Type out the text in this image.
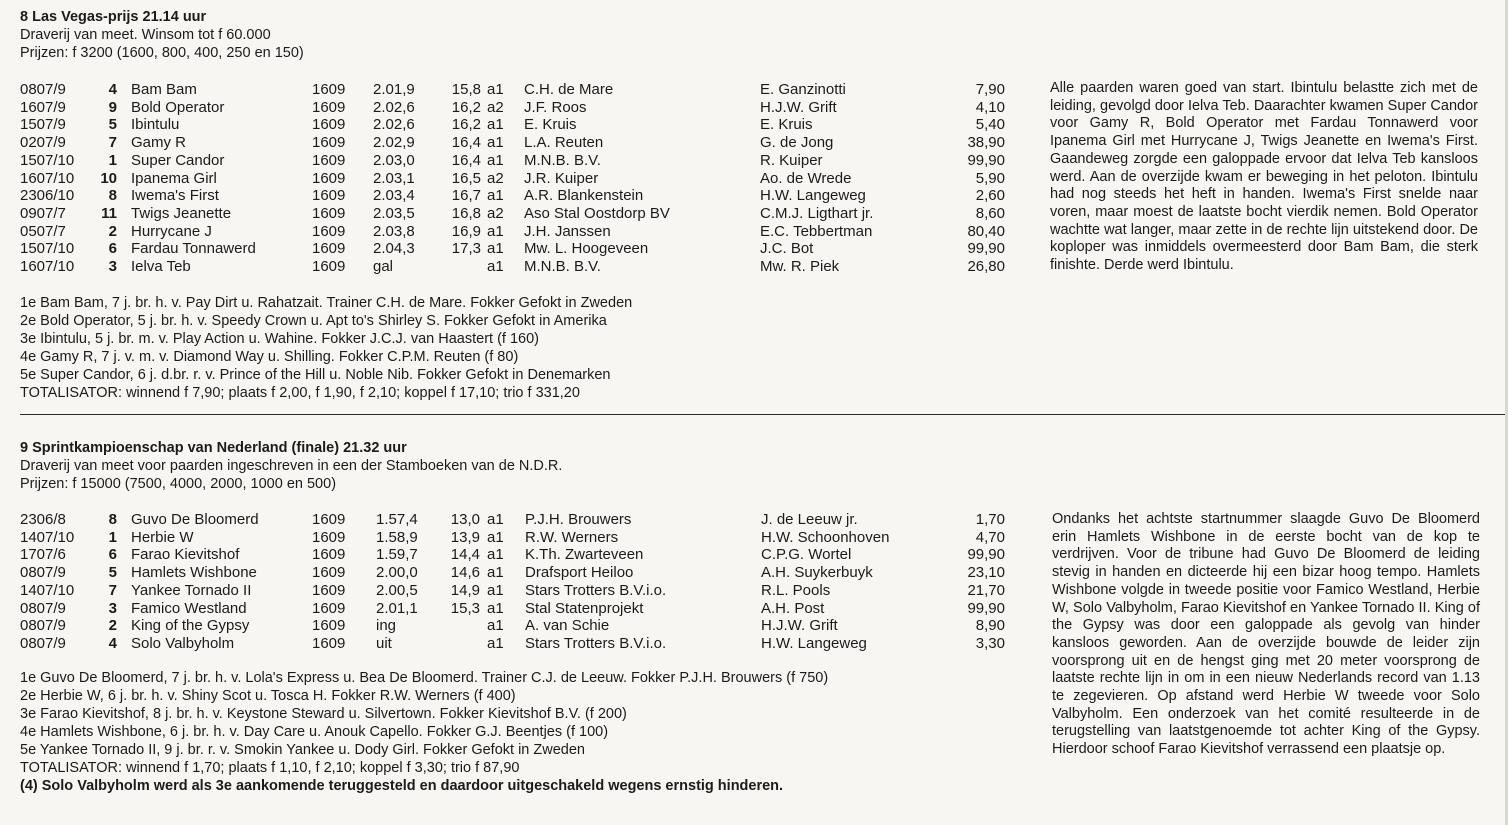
8 Las Vegas-prijs 21.14 uur
Draverij van meet. Winsom tot f 60.000
Prijzen: f 3200 (1600, 800, 400, 250 en 150)
0807/9	4 Bam Bam	1609 2.01,9	15,8 a1 C.H. de Mare	E. Ganzinotti	7,90
1607/9	9 Bold Operator	1609 2.02,6	16,2 a2 J.F. Roos	H.J.W. Grift	4,10
1507/9	5 Ibintulu	1609 2.02,6	16,2 a1 E. Kruis	E. Kruis	5,40
0207/9	7 Gamy R	1609 2.02,9	16,4 a1 L.A. Reuten	G. de Jong	38,90
1507/10	1 Super Candor	1609 2.03,0	16,4 a1 M.N.B. B.V.	R. Kuiper	99,90
1607/10	10 Ipanema Girl	1609 2.03,1	16,5 a2 J.R. Kuiper	Ao. de Wrede	5,90
2306/10	8 Iwema's First	1609 2.03,4	16,7 a1 A.R. Blankenstein	H.W. Langeweg	2,60
0907/7	11 Twigs Jeanette	1609 2.03,5	16,8 a2 Aso Stal Oostdorp BV	C.M.J. Ligthart jr.	8,60
0507/7	2 Hurrycane J	1609 2.03,8	16,9 a1 J.H. Janssen	E.C. Tebbertman	80,40
1507/10	6 Fardau Tonnawerd	1609 2.04,3	17,3 a1 Mw. L. Hoogeveen	J.C. Bot	99,90
1607/10	3 Ielva Teb	1609 gal	a1 M.N.B. B.V.	Mw. R. Piek	26,80
1e Bam Bam, 7 j. br. h. v. Pay Dirt u. Rahatzait. Trainer C.H. de Mare. Fokker Gefokt in Zweden
2e Bold Operator, 5 j. br. h. v. Speedy Crown u. Apt to's Shirley S. Fokker Gefokt in Amerika
3e Ibintulu, 5 j. br. m. v. Play Action u. Wahine. Fokker J.C.J. van Haastert (f 160)
4e Gamy R, 7 j. v. m. v. Diamond Way u. Shilling. Fokker C.P.M. Reuten (f 80)
5e Super Candor, 6 j. d.br. r. v. Prince of the Hill u. Noble Nib. Fokker Gefokt in Denemarken
TOTALISATOR: winnend f 7,90; plaats f 2,00, f 1,90, f 2,10; koppel f 17,10; trio f 331,20
Alle paarden waren goed van start. Ibintulu belastte zich met de leiding, gevolgd door Ielva Teb. Daarachter kwamen Super Candor voor Gamy R, Bold Operator met Fardau Tonnawerd voor Ipanema Girl met Hurrycane J, Twigs Jeanette en Iwema's First. Gaandeweg zorgde een galoppade ervoor dat Ielva Teb kansloos werd. Aan de overzijde kwam er beweging in het peloton. Ibintulu had nog steeds het heft in handen. Iwema's First snelde naar voren, maar moest de laatste bocht vierdik nemen. Bold Operator wachtte wat langer, maar zette in de rechte lijn uitstekend door. De koploper was inmiddels overmeesterd door Bam Bam, die sterk finishte. Derde werd Ibintulu.
9 Sprintkampioenschap van Nederland (finale) 21.32 uur
Draverij van meet voor paarden ingeschreven in een der Stamboeken van de N.D.R.
Prijzen: f 15000 (7500, 4000, 2000, 1000 en 500)
2306/8	8 Guvo De Bloomerd	1609 1.57,4	13,0 a1 P.J.H. Brouwers	J. de Leeuw jr.	1,70
1407/10	1 Herbie W	1609 1.58,9	13,9 a1 R.W. Werners	H.W. Schoonhoven	4,70
1707/6	6 Farao Kievitshof	1609 1.59,7	14,4 a1 K.Th. Zwarteveen	C.P.G. Wortel	99,90
0807/9	5 Hamlets Wishbone	1609 2.00,0	14,6 a1 Drafsport Heiloo	A.H. Suykerbuyk	23,10
1407/10	7 Yankee Tornado II	1609 2.00,5	14,9 a1 Stars Trotters B.V.i.o.	R.L. Pools	21,70
0807/9	3 Famico Westland	1609 2.01,1	15,3 a1 Stal Statenprojekt	A.H. Post	99,90
0807/9	2 King of the Gypsy	1609 ing	a1 A. van Schie	H.J.W. Grift	8,90
0807/9	4 Solo Valbyholm	1609 uit	a1 Stars Trotters B.V.i.o.	H.W. Langeweg	3,30
1e Guvo De Bloomerd, 7 j. br. h. v. Lola's Express u. Bea De Bloomerd. Trainer C.J. de Leeuw. Fokker P.J.H. Brouwers (f 750)
2e Herbie W, 6 j. br. h. v. Shiny Scot u. Tosca H. Fokker R.W. Werners (f 400)
3e Farao Kievitshof, 8 j. br. h. v. Keystone Steward u. Silvertown. Fokker Kievitshof B.V. (f 200)
4e Hamlets Wishbone, 6 j. br. h. v. Day Care u. Anouk Capello. Fokker G.J. Beentjes (f 100)
5e Yankee Tornado II, 9 j. br. r. v. Smokin Yankee u. Dody Girl. Fokker Gefokt in Zweden
TOTALISATOR: winnend f 1,70; plaats f 1,10, f 2,10; koppel f 3,30; trio f 87,90
(4) Solo Valbyholm werd als 3e aankomende teruggesteld en daardoor uitgeschakeld wegens ernstig hinderen.
Ondanks het achtste startnummer slaagde Guvo De Bloomerd erin Hamlets Wishbone in de eerste bocht van de kop te verdrijven. Voor de tribune had Guvo De Bloomerd de leiding stevig in handen en dicteerde hij een bizar hoog tempo. Hamlets Wishbone volgde in tweede positie voor Famico Westland, Herbie W, Solo Valbyholm, Farao Kievitshof en Yankee Tornado II. King of the Gypsy was door een galoppade als gevolg van hinder kansloos geworden. Aan de overzijde bouwde de leider zijn voorsprong uit en de hengst ging met 20 meter voorsprong de laatste rechte lijn in om in een nieuw Nederlands record van 1.13 te zegevieren. Op afstand werd Herbie W tweede voor Solo Valbyholm. Een onderzoek van het comité resulteerde in de terugstelling van laatstgenoemde tot achter King of the Gypsy. Hierdoor schoof Farao Kievitshof verrassend een plaatsje op.
